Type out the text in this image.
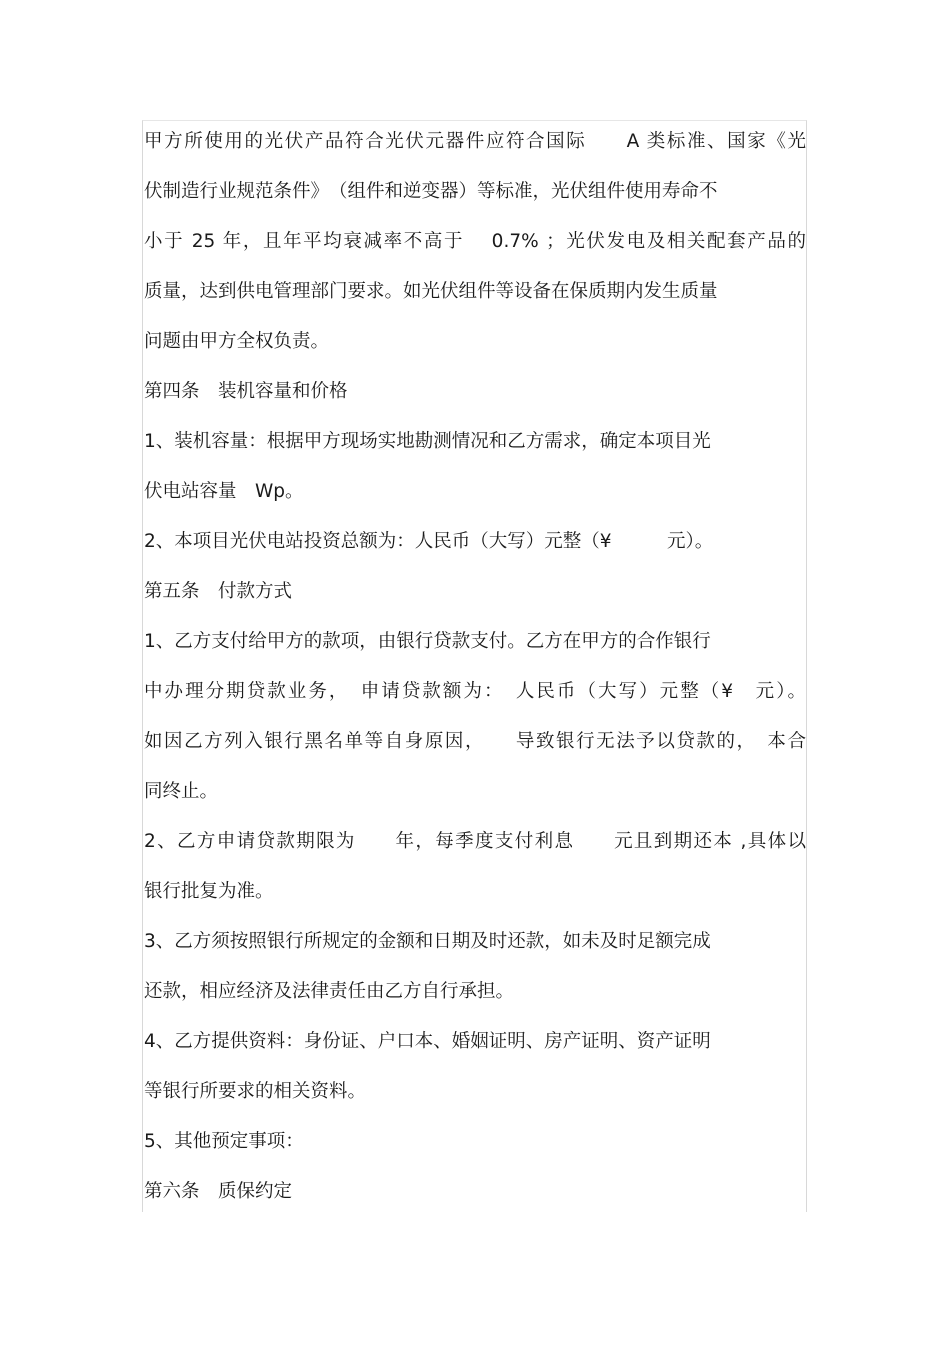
甲方所使用的光伏产品符合光伏元器件应符合国际　　A 类标准、国家《光
伏制造行业规范条件》　（组件和逆变器）等标准，光伏组件使用寿命不
小于 25 年，且年平均衰减率不高于　 0.7% ；光伏发电及相关配套产品的
质量，达到供电管理部门要求。如光伏组件等设备在保质期内发生质量
问题由甲方全权负责。
第四条　装机容量和价格
1、装机容量：根据甲方现场实地勘测情况和乙方需求，确定本项目光
伏电站容量　Wp。
2、本项目光伏电站投资总额为：人民币（大写）元整（¥　　　元）。
第五条　付款方式
1、乙方支付给甲方的款项，由银行贷款支付。乙方在甲方的合作银行
中办理分期贷款业务，　申请贷款额为：　人民币（大写）元整（¥　元）。
如因乙方列入银行黑名单等自身原因，　　导致银行无法予以贷款的，　本合
同终止。
2、乙方申请贷款期限为　　年，每季度支付利息　　元且到期还本 ,具体以
银行批复为准。
3、乙方须按照银行所规定的金额和日期及时还款，如未及时足额完成
还款，相应经济及法律责任由乙方自行承担。
4、乙方提供资料：身份证、户口本、婚姻证明、房产证明、资产证明
等银行所要求的相关资料。
5、其他预定事项：
第六条　质保约定
